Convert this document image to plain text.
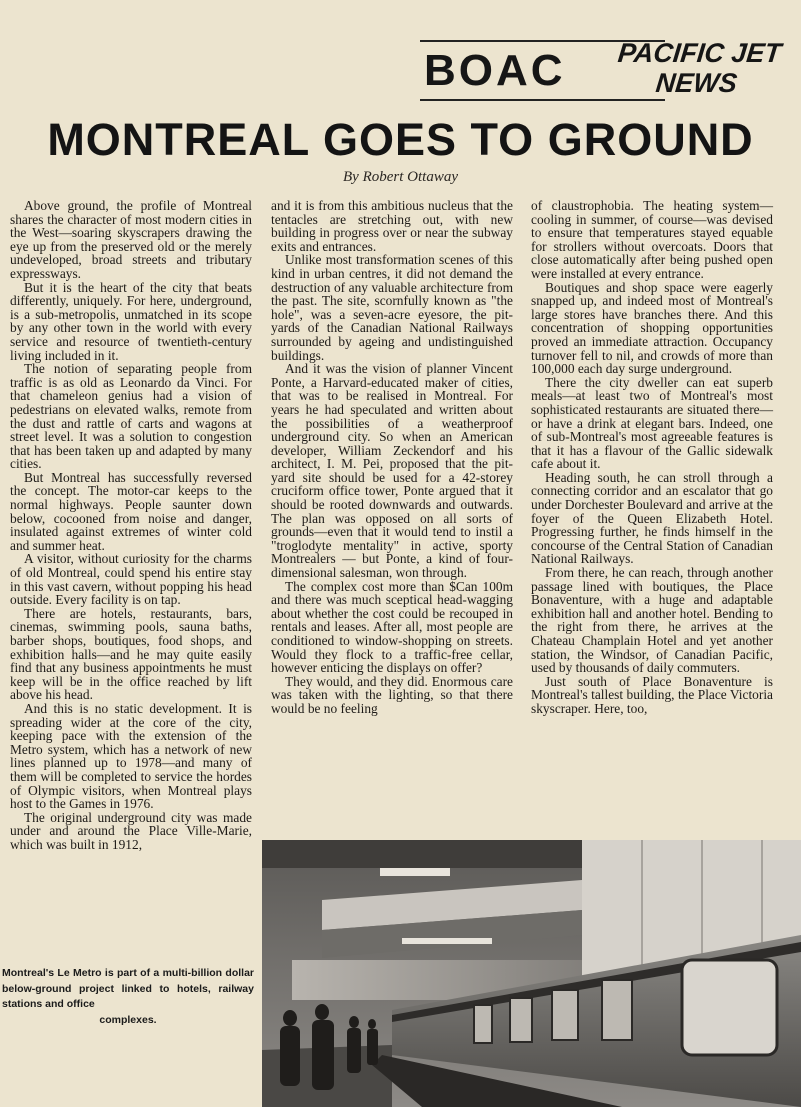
BOAC PACIFIC JET
NEWS
MONTREAL GOES TO GROUND
By Robert Ottaway

Above ground, the profile of Montreal shares the character of most modern cities in the West—soaring skyscrapers drawing the eye up from the preserved old or the merely undeveloped, broad streets and tributary expressways.

But it is the heart of the city that beats differently, uniquely. For here, underground, is a sub-metropolis, unmatched in its scope by any other town in the world with every service and resource of twentieth-century living included in it.

The notion of separating people from traffic is as old as Leonardo da Vinci. For that chameleon genius had a vision of pedestrians on elevated walks, remote from the dust and rattle of carts and wagons at street level. It was a solution to congestion that has been taken up and adapted by many cities.

But Montreal has successfully reversed the concept. The motor-car keeps to the normal highways. People saunter down below, cocooned from noise and danger, insulated against extremes of winter cold and summer heat.

A visitor, without curiosity for the charms of old Montreal, could spend his entire stay in this vast cavern, without popping his head outside. Every facility is on tap.

There are hotels, restaurants, bars, cinemas, swimming pools, sauna baths, barber shops, boutiques, food shops, and exhibition halls—and he may quite easily find that any business appointments he must keep will be in the office reached by lift above his head.

And this is no static development. It is spreading wider at the core of the city, keeping pace with the extension of the Metro system, which has a network of new lines planned up to 1978—and many of them will be completed to service the hordes of Olympic visitors, when Montreal plays host to the Games in 1976.

The original underground city was made under and around the Place Ville-Marie, which was built in 1912,

and it is from this ambitious nucleus that the tentacles are stretching out, with new building in progress over or near the subway exits and entrances.

Unlike most transformation scenes of this kind in urban centres, it did not demand the destruction of any valuable architecture from the past. The site, scornfully known as "the hole", was a seven-acre eyesore, the pit-yards of the Canadian National Railways surrounded by ageing and undistinguished buildings.

And it was the vision of planner Vincent Ponte, a Harvard-educated maker of cities, that was to be realised in Montreal. For years he had speculated and written about the possibilities of a weatherproof underground city. So when an American developer, William Zeckendorf and his architect, I. M. Pei, proposed that the pit-yard site should be used for a 42-storey cruciform office tower, Ponte argued that it should be rooted downwards and outwards. The plan was opposed on all sorts of grounds—even that it would tend to instil a "troglodyte mentality" in active, sporty Montrealers — but Ponte, a kind of four-dimensional salesman, won through.

The complex cost more than $Can 100m and there was much sceptical head-wagging about whether the cost could be recouped in rentals and leases. After all, most people are conditioned to window-shopping on streets. Would they flock to a traffic-free cellar, however enticing the displays on offer?

They would, and they did. Enormous care was taken with the lighting, so that there would be no feeling

of claustrophobia. The heating system—cooling in summer, of course—was devised to ensure that temperatures stayed equable for strollers without overcoats. Doors that close automatically after being pushed open were installed at every entrance.

Boutiques and shop space were eagerly snapped up, and indeed most of Montreal's large stores have branches there. And this concentration of shopping opportunities proved an immediate attraction. Occupancy turnover fell to nil, and crowds of more than 100,000 each day surge underground.

There the city dweller can eat superb meals—at least two of Montreal's most sophisticated restaurants are situated there—or have a drink at elegant bars. Indeed, one of sub-Montreal's most agreeable features is that it has a flavour of the Gallic sidewalk cafe about it.

Heading south, he can stroll through a connecting corridor and an escalator that go under Dorchester Boulevard and arrive at the foyer of the Queen Elizabeth Hotel. Progressing further, he finds himself in the concourse of the Central Station of Canadian National Railways.

From there, he can reach, through another passage lined with boutiques, the Place Bonaventure, with a huge and adaptable exhibition hall and another hotel. Bending to the right from there, he arrives at the Chateau Champlain Hotel and yet another station, the Windsor, of Canadian Pacific, used by thousands of daily commuters.

Just south of Place Bonaventure is Montreal's tallest building, the Place Victoria skyscraper. Here, too,

Montreal's Le Metro is part of a multi-billion dollar below-ground project linked to hotels, railway stations and office
complexes.
